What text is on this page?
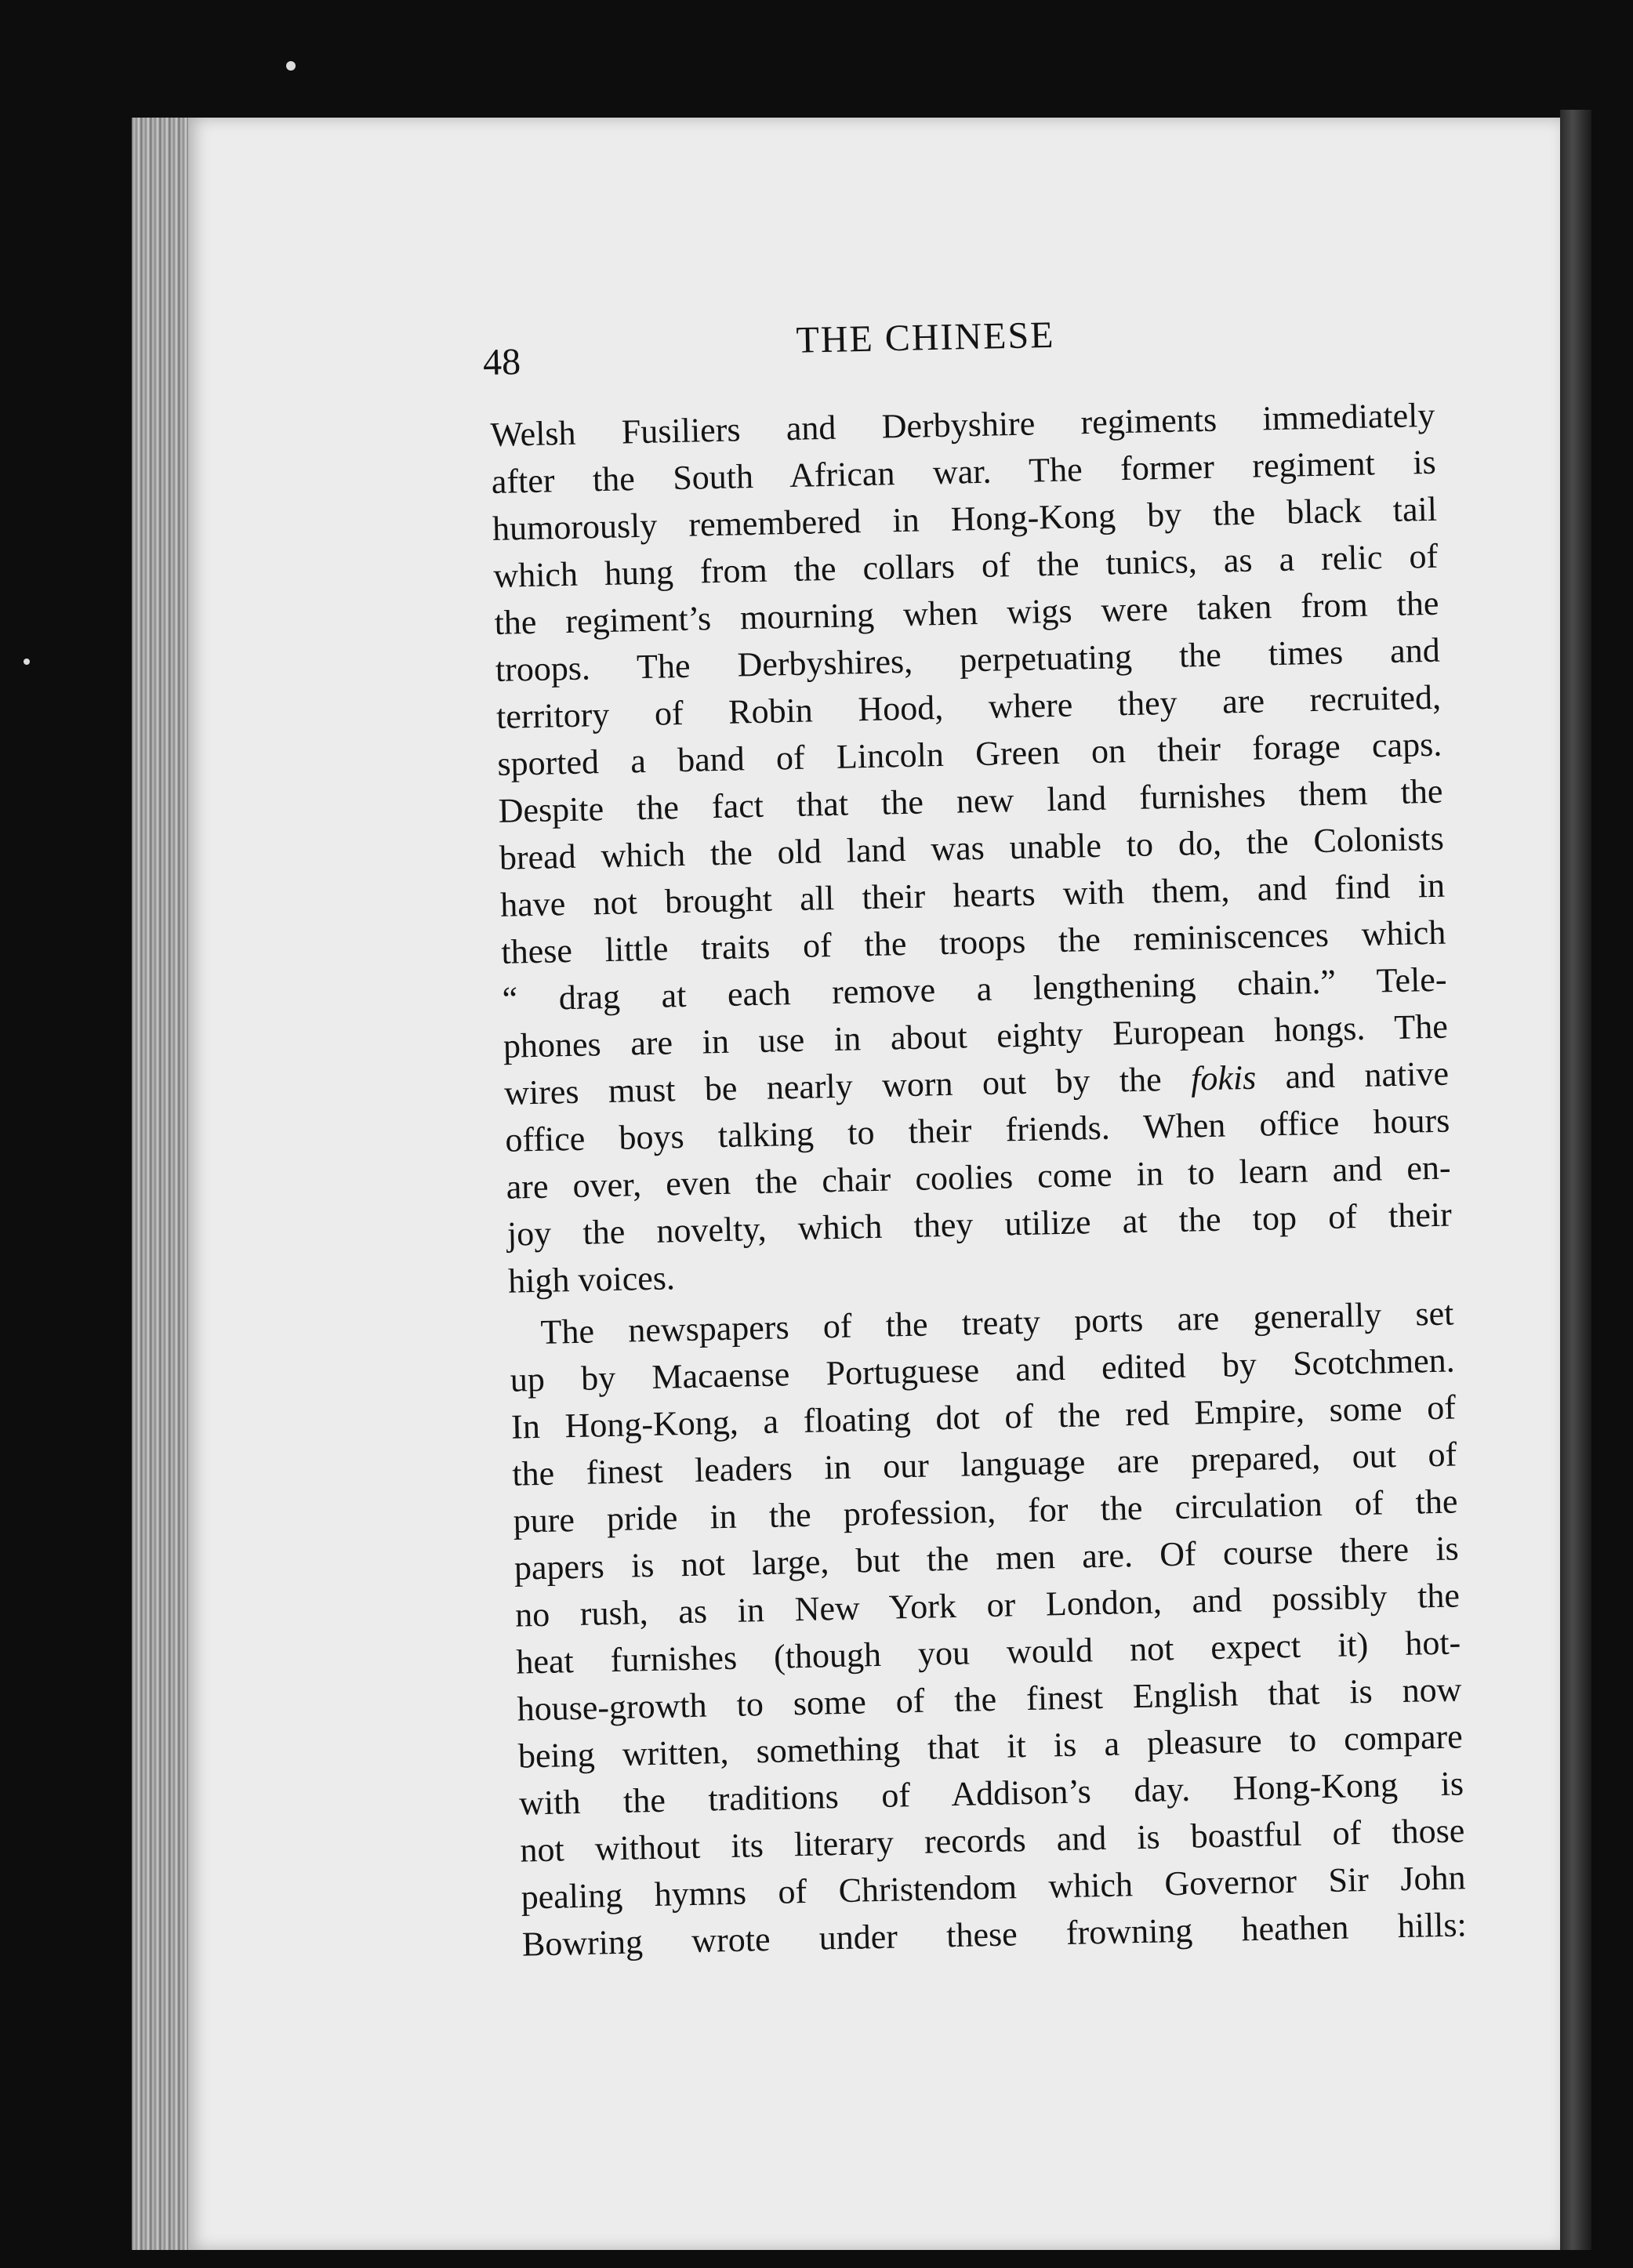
48
THE CHINESE
Welsh Fusiliers and Derbyshire regiments immediately
after the South African war. The former regiment is
humorously remembered in Hong-Kong by the black tail
which hung from the collars of the tunics, as a relic of
the regiment’s mourning when wigs were taken from the
troops. The Derbyshires, perpetuating the times and
territory of Robin Hood, where they are recruited,
sported a band of Lincoln Green on their forage caps.
Despite the fact that the new land furnishes them the
bread which the old land was unable to do, the Colonists
have not brought all their hearts with them, and find in
these little traits of the troops the reminiscences which
“ drag at each remove a lengthening chain.” Tele-
phones are in use in about eighty European hongs. The
wires must be nearly worn out by the fokis and native
office boys talking to their friends. When office hours
are over, even the chair coolies come in to learn and en-
joy the novelty, which they utilize at the top of their
high voices.
The newspapers of the treaty ports are generally set
up by Macaense Portuguese and edited by Scotchmen.
In Hong-Kong, a floating dot of the red Empire, some of
the finest leaders in our language are prepared, out of
pure pride in the profession, for the circulation of the
papers is not large, but the men are. Of course there is
no rush, as in New York or London, and possibly the
heat furnishes (though you would not expect it) hot-
house-growth to some of the finest English that is now
being written, something that it is a pleasure to compare
with the traditions of Addison’s day. Hong-Kong is
not without its literary records and is boastful of those
pealing hymns of Christendom which Governor Sir John
Bowring wrote under these frowning heathen hills:
